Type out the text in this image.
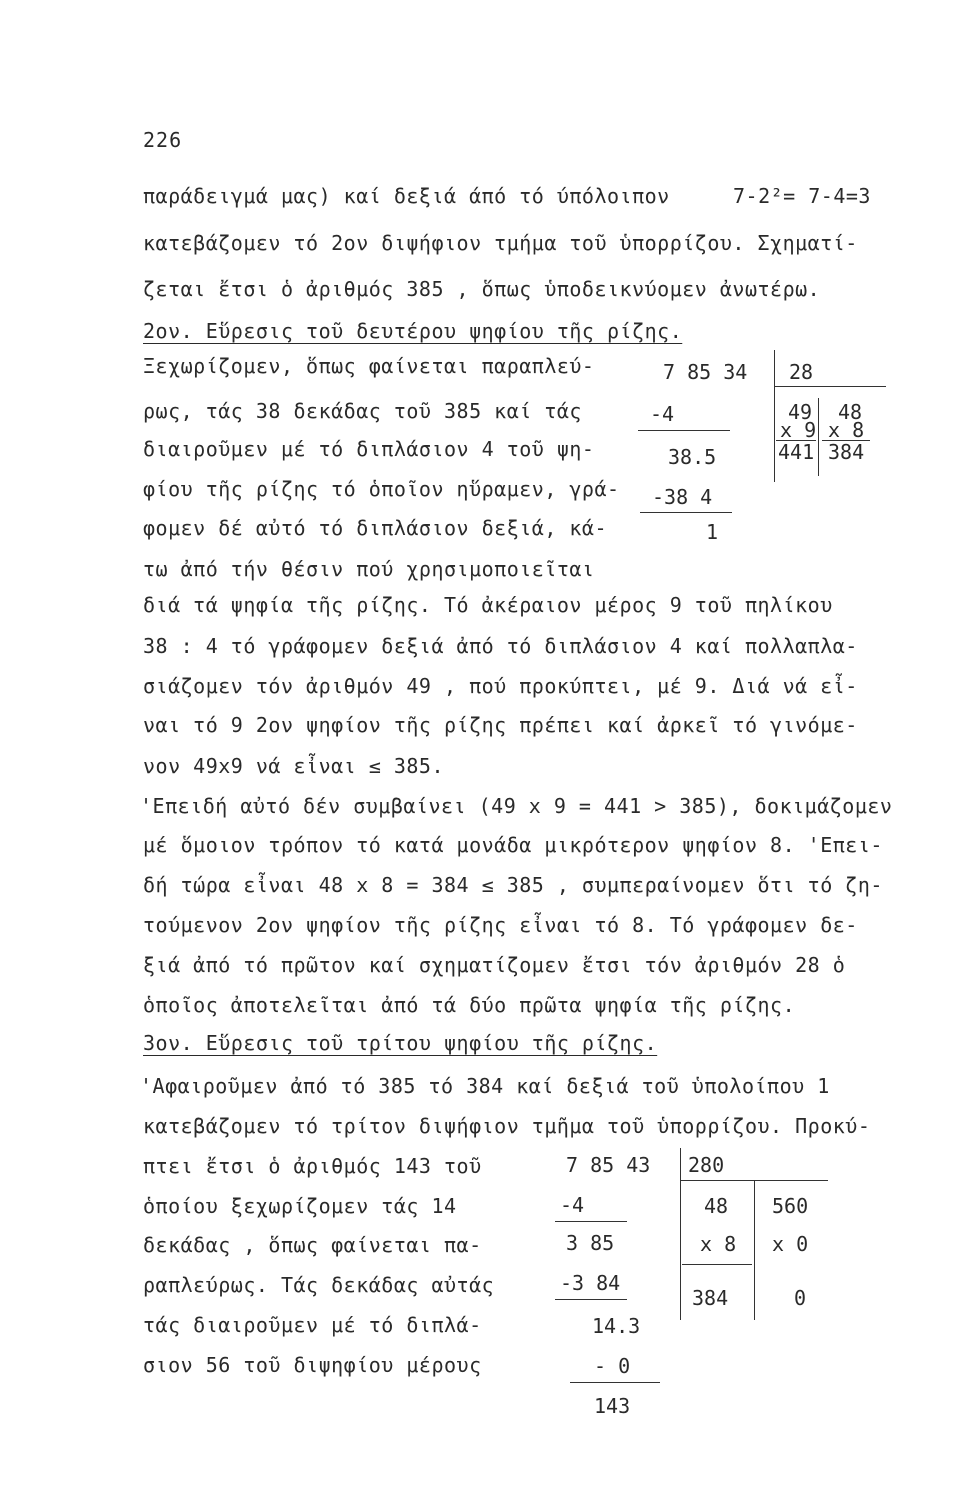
226
παράδειγμά μας) καί δεξιά άπό τό ύπόλοιπον	7-2²= 7-4=3
κατεβάζομεν τό 2ον διψήφιον τμήμα τοῦ ὑπορρίζου. Σχηματί-
ζεται ἔτσι ὁ ἀριθμός 385 , ὅπως ὑποδεικνύομεν ἀνωτέρω.
2ον. Εὕρεσις τοῦ δευτέρου ψηφίου τῆς ρίζης.
Ξεχωρίζομεν, ὅπως φαίνεται παραπλεύ-
ρως, τάς 38 δεκάδας τοῦ 385 καί τάς
διαιροῦμεν μέ τό διπλάσιον 4 τοῦ ψη-
φίου τῆς ρίζης τό ὁποῖον ηὕραμεν, γρά-
φομεν δέ αὐτό τό διπλάσιον δεξιά, κά-
τω ἀπό τήν θέσιν πού χρησιμοποιεῖται
7 85 34
-4
38.5
-38 4
1
28
49
x 9
441
48
x 8
384
διά τά ψηφία τῆς ρίζης. Τό ἀκέραιον μέρος 9 τοῦ πηλίκου
38 : 4 τό γράφομεν δεξιά ἀπό τό διπλάσιον 4 καί πολλαπλα-
σιάζομεν τόν ἀριθμόν 49 , πού προκύπτει, μέ 9. Διά νά εἶ-
ναι τό 9 2ον ψηφίον τῆς ρίζης πρέπει καί ἀρκεῖ τό γινόμε-
νον 49x9 νά εἶναι ≤ 385.
'Επειδή αὐτό δέν συμβαίνει (49 x 9 = 441 > 385), δοκιμάζομεν
μέ ὅμοιον τρόπον τό κατά μονάδα μικρότερον ψηφίον 8. 'Επει-
δή τώρα εἶναι 48 x 8 = 384 ≤ 385 , συμπεραίνομεν ὅτι τό ζη-
τούμενον 2ον ψηφίον τῆς ρίζης εἶναι τό 8. Τό γράφομεν δε-
ξιά ἀπό τό πρῶτον καί σχηματίζομεν ἔτσι τόν ἀριθμόν 28 ὁ
ὁποῖος ἀποτελεῖται ἀπό τά δύο πρῶτα ψηφία τῆς ρίζης.
3ον. Εὕρεσις τοῦ τρίτου ψηφίου τῆς ρίζης.
'Αφαιροῦμεν ἀπό τό 385 τό 384 καί δεξιά τοῦ ὑπολοίπου 1
κατεβάζομεν τό τρίτον διψήφιον τμῆμα τοῦ ὑπορρίζου. Προκύ-
πτει ἔτσι ὁ ἀριθμός 143 τοῦ
ὁποίου ξεχωρίζομεν τάς 14
δεκάδας , ὅπως φαίνεται πα-
ραπλεύρως. Τάς δεκάδας αὐτάς
τάς διαιροῦμεν μέ τό διπλά-
σιον 56 τοῦ διψηφίου μέρους
7 85 43
-4
3 85
-3 84
14.3
- 0
143
280
48
x 8
384
560
x 0
0
